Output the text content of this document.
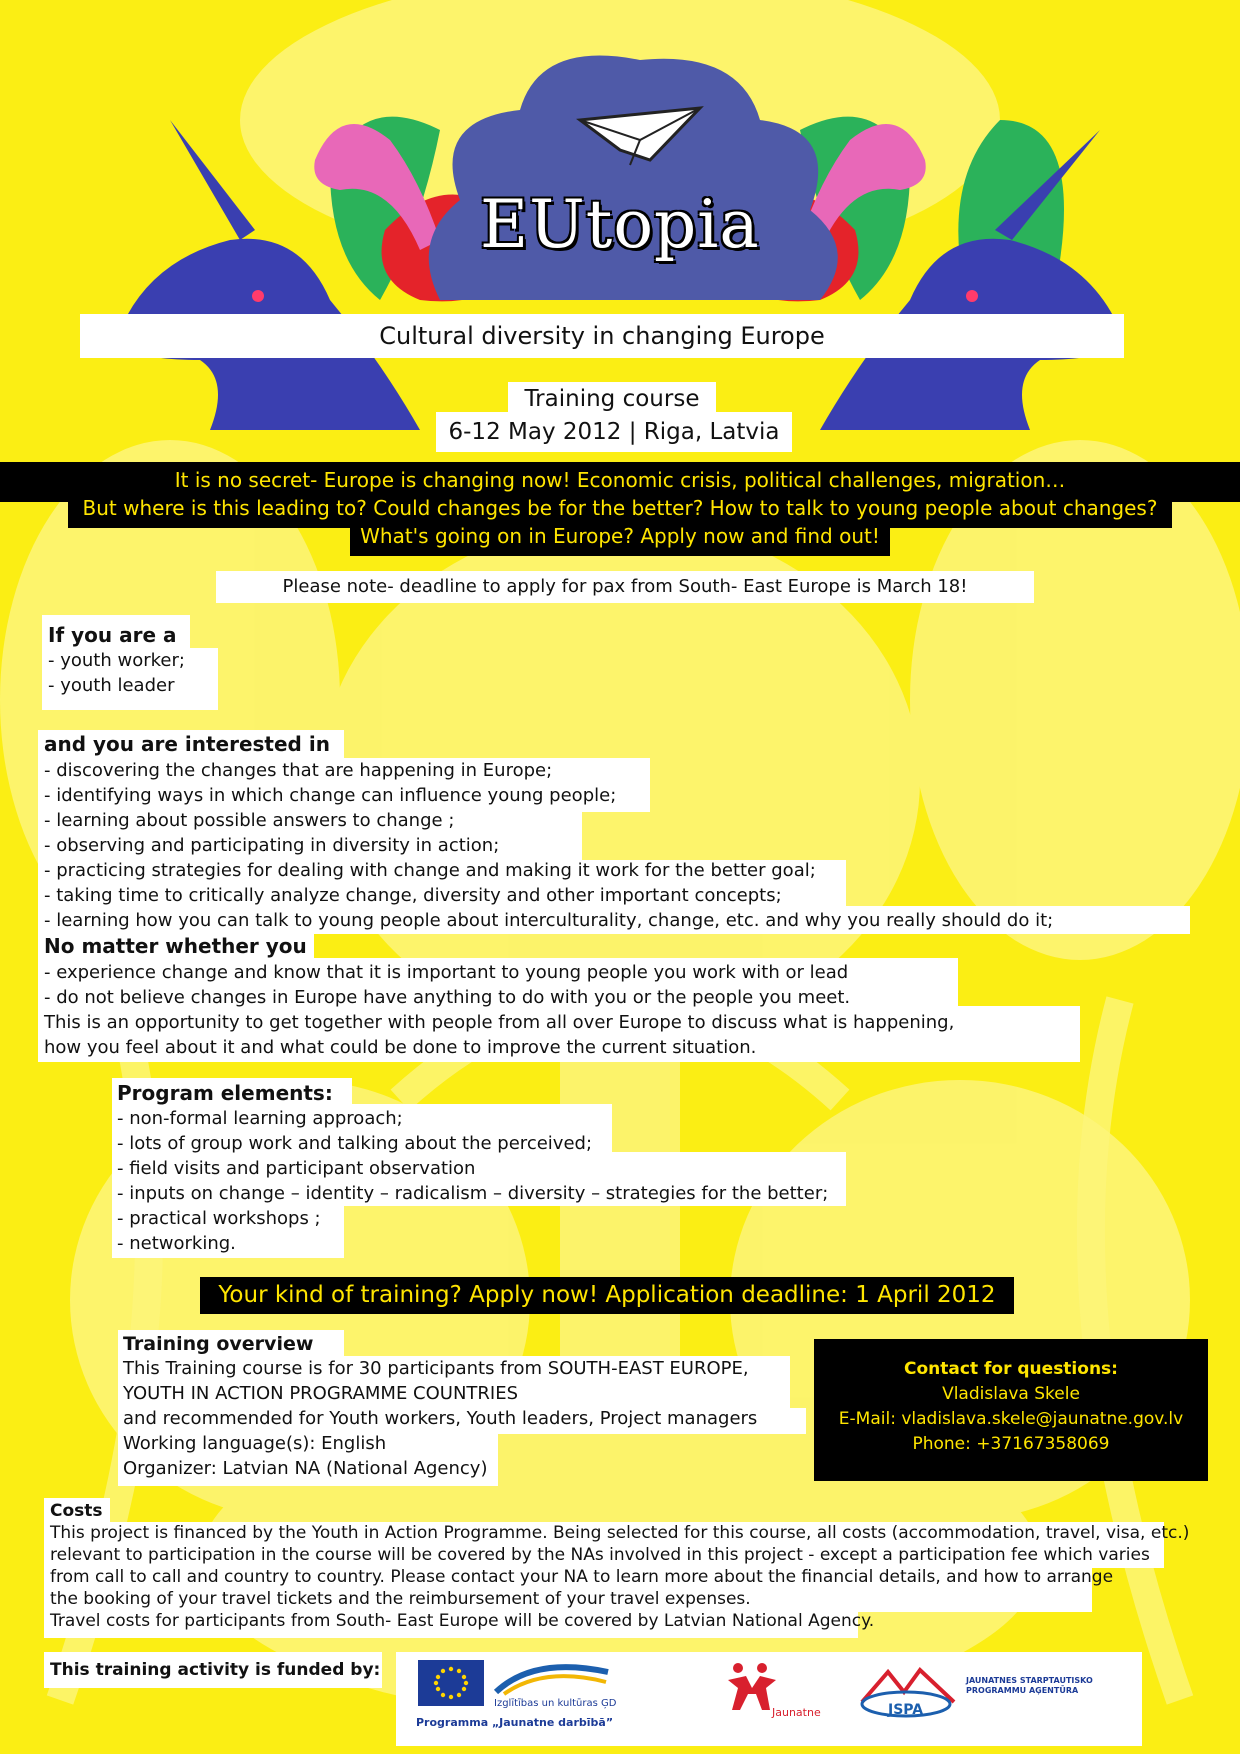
EUtopia
Cultural diversity in changing Europe
Training course
6-12 May 2012 | Riga, Latvia
It is no secret- Europe is changing now! Economic crisis, political challenges, migration…
But where is this leading to? Could changes be for the better? How to talk to young people about changes?
What's going on in Europe? Apply now and find out!
Please note- deadline to apply for pax from South- East Europe is March 18!
If you are a
- youth worker;
- youth leader
and you are interested in
- discovering the changes that are happening in Europe;
- identifying ways in which change can influence young people;
- learning about possible answers to change ;
- observing and participating in diversity in action;
- practicing strategies for dealing with change and making it work for the better goal;
- taking time to critically analyze change, diversity and other important concepts;
- learning how you can talk to young people about interculturality, change, etc. and why you really should do it;
No matter whether you
- experience change and know that it is important to young people you work with or lead
- do not believe changes in Europe have anything to do with you or the people you meet.
This is an opportunity to get together with people from all over Europe to discuss what is happening,
how you feel about it and what could be done to improve the current situation.
Program elements:
- non-formal learning approach;
- lots of group work and talking about the perceived;
- field visits and participant observation
- inputs on change – identity – radicalism – diversity – strategies for the better;
- practical workshops ;
- networking.
Your kind of training? Apply now! Application deadline: 1 April 2012
Training overview
This Training course is for 30 participants from SOUTH-EAST EUROPE,
YOUTH IN ACTION PROGRAMME COUNTRIES
and recommended for Youth workers, Youth leaders, Project managers
Working language(s): English
Organizer: Latvian NA (National Agency)
Contact for questions:
Vladislava Skele
E-Mail: vladislava.skele@jaunatne.gov.lv
Phone: +37167358069
Costs
This project is financed by the Youth in Action Programme. Being selected for this course, all costs (accommodation, travel, visa, etc.)
relevant to participation in the course will be covered by the NAs involved in this project - except a participation fee which varies
from call to call and country to country. Please contact your NA to learn more about the financial details, and how to arrange
the booking of your travel tickets and the reimbursement of your travel expenses.
Travel costs for participants from South- East Europe will be covered by Latvian National Agency.
This training activity is funded by:
Izglītības un kultūras ĢD
Programma „Jaunatne darbībā”
Jaunatne	JSPA
JAUNATNES STARPTAUTISKO PROGRAMMU AĢENTŪRA
